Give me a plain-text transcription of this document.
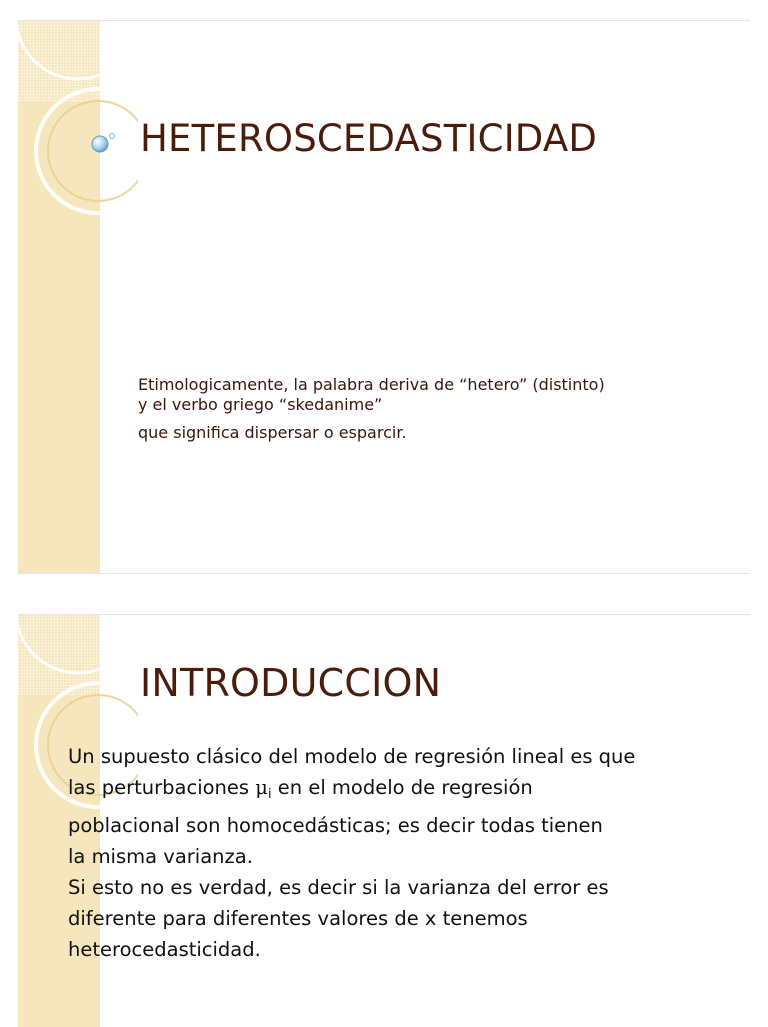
HETEROSCEDASTICIDAD

Etimologicamente, la palabra deriva de “hetero” (distinto) y el verbo griego “skedanime”

que significa dispersar o esparcir.

INTRODUCCION

Un supuesto clásico del modelo de regresión lineal es que

las perturbaciones $\mu_i$ en el modelo de regresión

poblacional son homocedásticas; es decir todas tienen

la misma varianza.

Si esto no es verdad, es decir si la varianza del error es

diferente para diferentes valores de x tenemos

heterocedasticidad.
